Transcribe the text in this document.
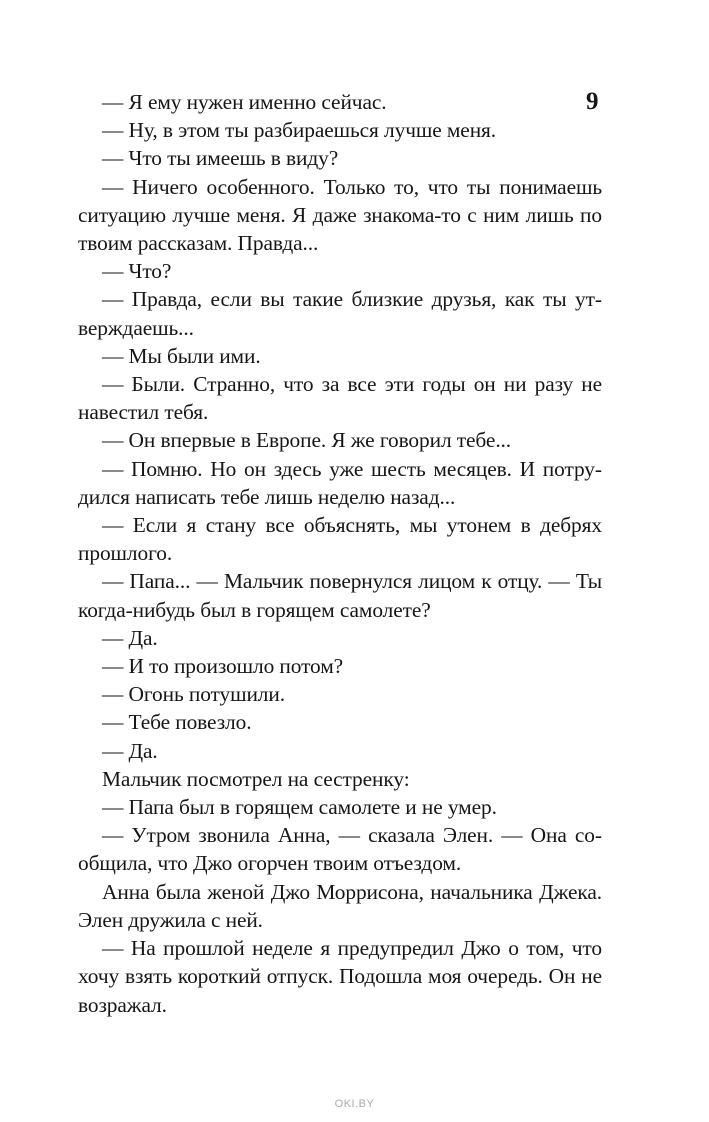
9

— Я ему нужен именно сейчас.

— Ну, в этом ты разбираешься лучше меня.

— Что ты имеешь в виду?

— Ничего особенного. Только то, что ты понимаешь ситуацию лучше меня. Я даже знакома-то с ним лишь по твоим рассказам. Правда...

— Что?

— Правда, если вы такие близкие друзья, как ты утверждаешь...

— Мы были ими.

— Были. Странно, что за все эти годы он ни разу не навестил тебя.

— Он впервые в Европе. Я же говорил тебе...

— Помню. Но он здесь уже шесть месяцев. И потрудился написать тебе лишь неделю назад...

— Если я стану все объяснять, мы утонем в дебрях прошлого.

— Папа... — Мальчик повернулся лицом к отцу. — Ты когда-нибудь был в горящем самолете?

— Да.

— И то произошло потом?

— Огонь потушили.

— Тебе повезло.

— Да.

Мальчик посмотрел на сестренку:

— Папа был в горящем самолете и не умер.

— Утром звонила Анна, — сказала Элен. — Она сообщила, что Джо огорчен твоим отъездом.

Анна была женой Джо Моррисона, начальника Джека. Элен дружила с ней.

— На прошлой неделе я предупредил Джо о том, что хочу взять короткий отпуск. Подошла моя очередь. Он не возражал.

OKI.BY
